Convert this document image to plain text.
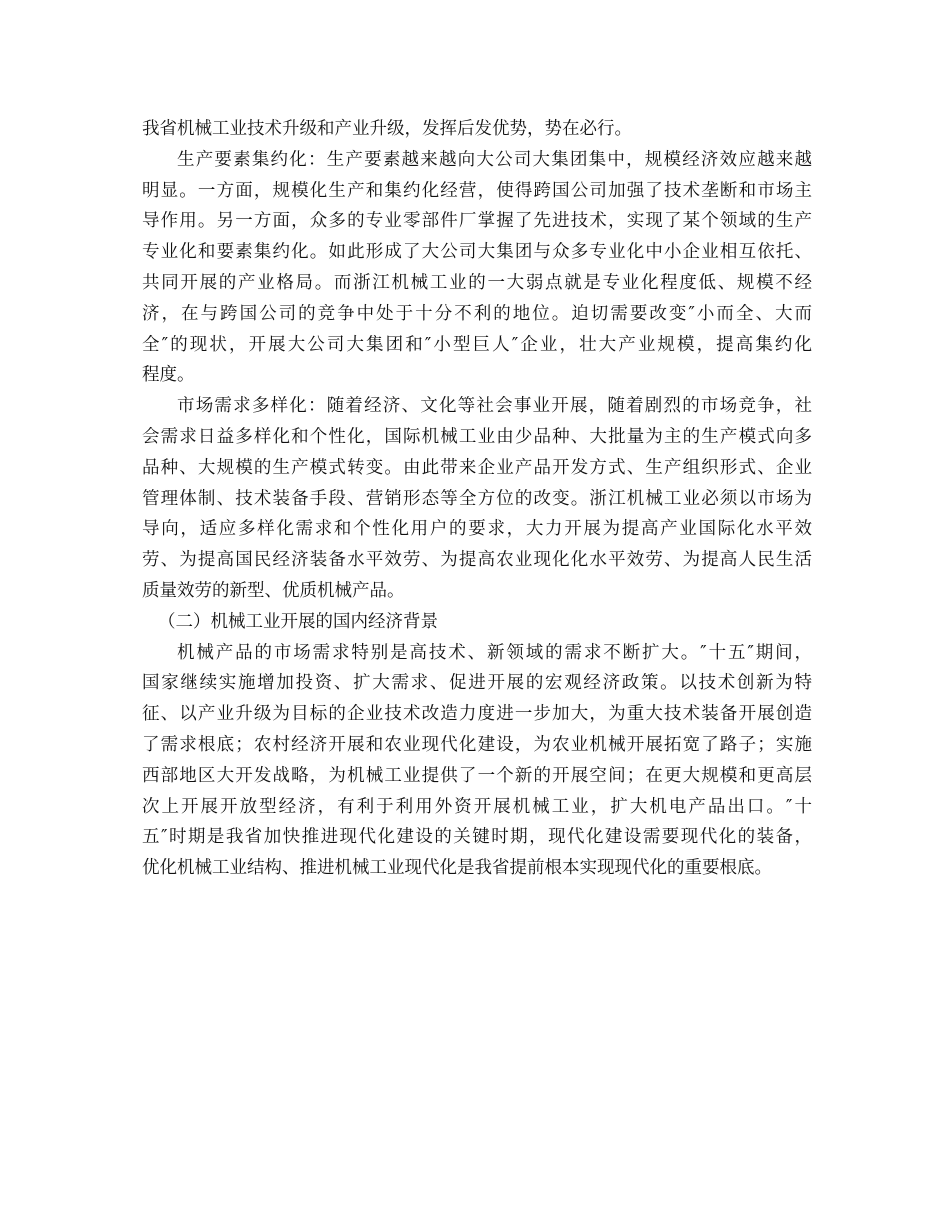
我省机械工业技术升级和产业升级，发挥后发优势，势在必行。
生产要素集约化：生产要素越来越向大公司大集团集中，规模经济效应越来越
明显。一方面，规模化生产和集约化经营，使得跨国公司加强了技术垄断和市场主
导作用。另一方面，众多的专业零部件厂掌握了先进技术，实现了某个领域的生产
专业化和要素集约化。如此形成了大公司大集团与众多专业化中小企业相互依托、
共同开展的产业格局。而浙江机械工业的一大弱点就是专业化程度低、规模不经
济，在与跨国公司的竞争中处于十分不利的地位。迫切需要改变″小而全、大而
全″的现状，开展大公司大集团和″小型巨人″企业，壮大产业规模，提高集约化
程度。
市场需求多样化：随着经济、文化等社会事业开展，随着剧烈的市场竞争，社
会需求日益多样化和个性化，国际机械工业由少品种、大批量为主的生产模式向多
品种、大规模的生产模式转变。由此带来企业产品开发方式、生产组织形式、企业
管理体制、技术装备手段、营销形态等全方位的改变。浙江机械工业必须以市场为
导向，适应多样化需求和个性化用户的要求，大力开展为提高产业国际化水平效
劳、为提高国民经济装备水平效劳、为提高农业现化化水平效劳、为提高人民生活
质量效劳的新型、优质机械产品。
（二）机械工业开展的国内经济背景
机械产品的市场需求特别是高技术、新领域的需求不断扩大。″十五″期间，
国家继续实施增加投资、扩大需求、促进开展的宏观经济政策。以技术创新为特
征、以产业升级为目标的企业技术改造力度进一步加大，为重大技术装备开展创造
了需求根底；农村经济开展和农业现代化建设，为农业机械开展拓宽了路子；实施
西部地区大开发战略，为机械工业提供了一个新的开展空间；在更大规模和更高层
次上开展开放型经济，有利于利用外资开展机械工业，扩大机电产品出口。″十
五″时期是我省加快推进现代化建设的关键时期，现代化建设需要现代化的装备，
优化机械工业结构、推进机械工业现代化是我省提前根本实现现代化的重要根底。
